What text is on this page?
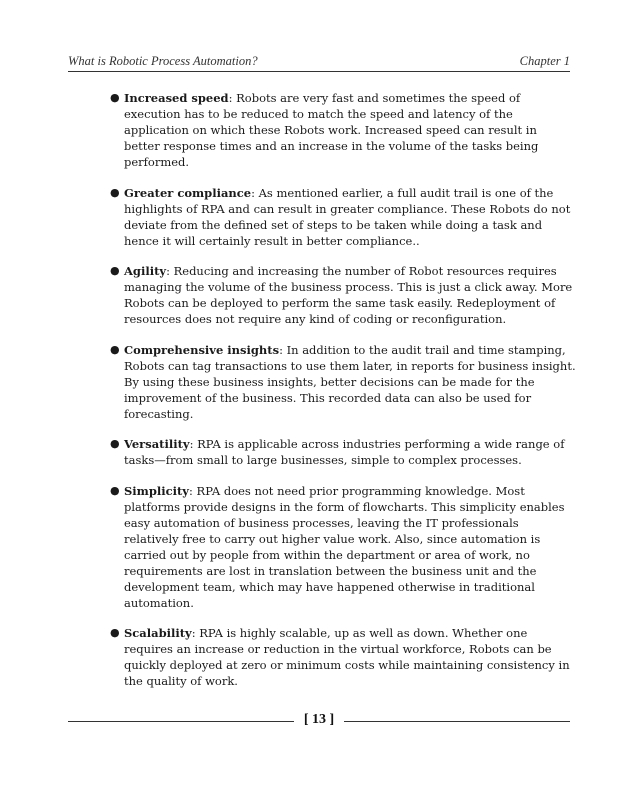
What is Robotic Process Automation?	Chapter 1
● Increased speed: Robots are very fast and sometimes the speed of execution has to be reduced to match the speed and latency of the application on which these Robots work. Increased speed can result in better response times and an increase in the volume of the tasks being performed.
● Greater compliance: As mentioned earlier, a full audit trail is one of the highlights of RPA and can result in greater compliance. These Robots do not deviate from the defined set of steps to be taken while doing a task and hence it will certainly result in better compliance..
● Agility: Reducing and increasing the number of Robot resources requires managing the volume of the business process. This is just a click away. More Robots can be deployed to perform the same task easily. Redeployment of resources does not require any kind of coding or reconfiguration.
● Comprehensive insights: In addition to the audit trail and time stamping, Robots can tag transactions to use them later, in reports for business insight. By using these business insights, better decisions can be made for the improvement of the business. This recorded data can also be used for forecasting.
● Versatility: RPA is applicable across industries performing a wide range of tasks—from small to large businesses, simple to complex processes.
● Simplicity: RPA does not need prior programming knowledge. Most platforms provide designs in the form of flowcharts. This simplicity enables easy automation of business processes, leaving the IT professionals relatively free to carry out higher value work. Also, since automation is carried out by people from within the department or area of work, no requirements are lost in translation between the business unit and the development team, which may have happened otherwise in traditional automation.
● Scalability: RPA is highly scalable, up as well as down. Whether one requires an increase or reduction in the virtual workforce, Robots can be quickly deployed at zero or minimum costs while maintaining consistency in the quality of work.
[ 13 ]
